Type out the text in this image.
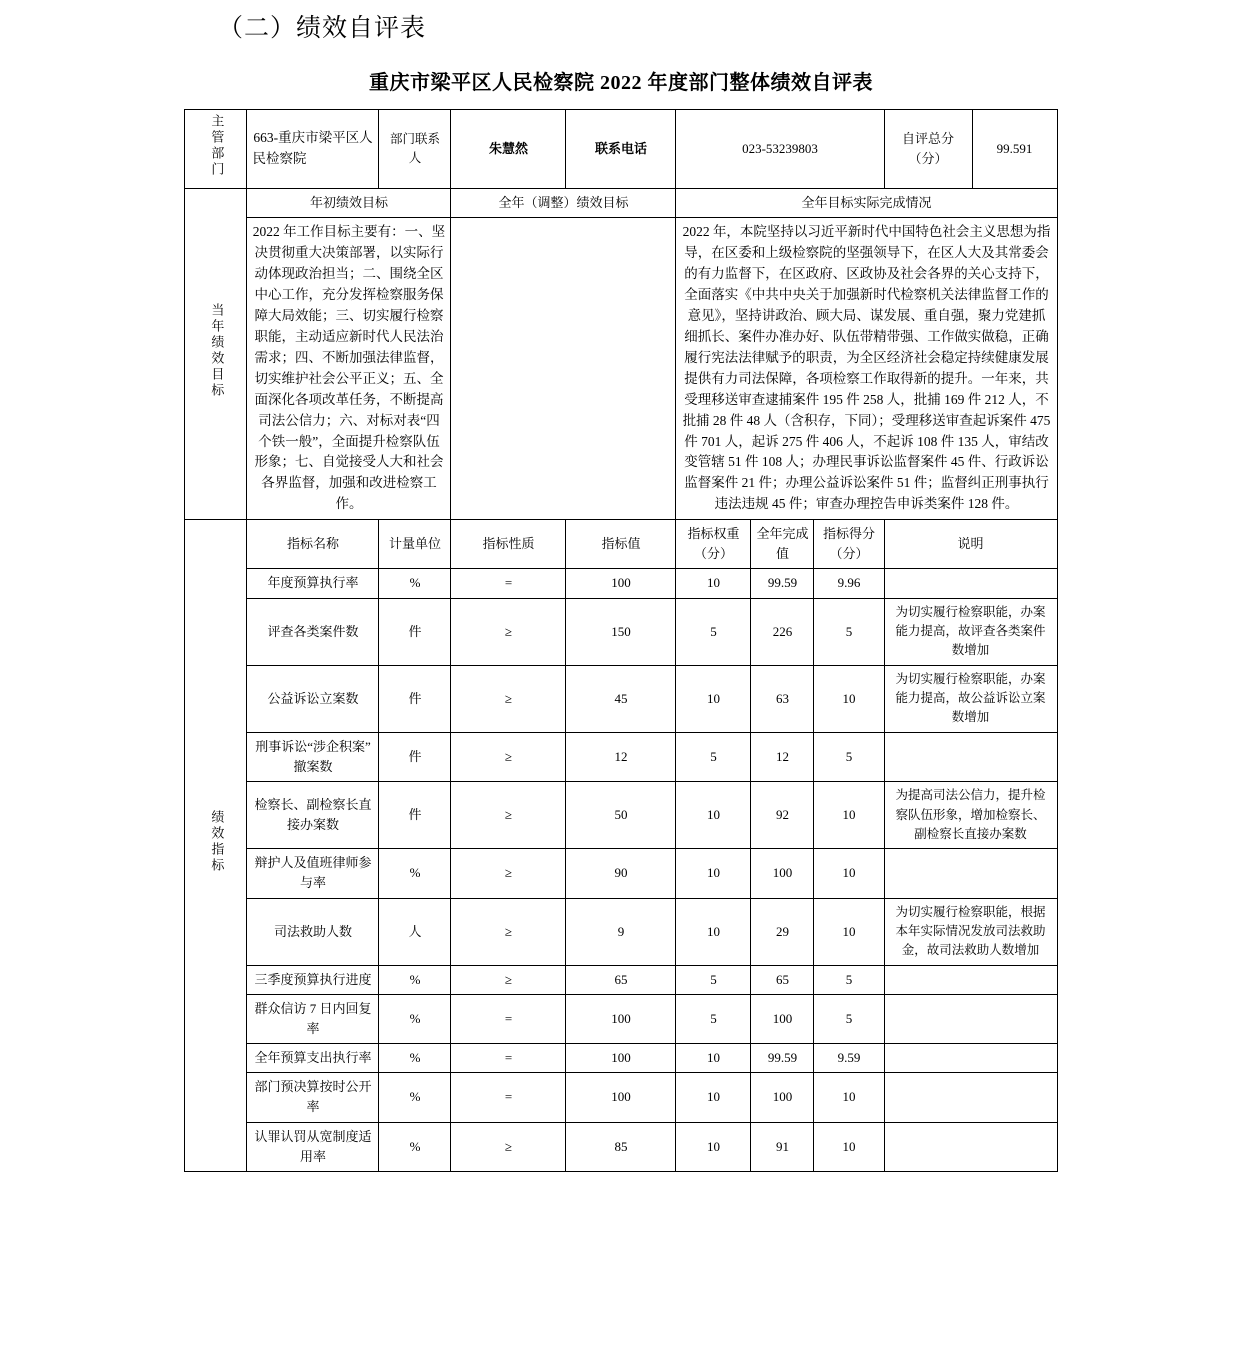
（二）绩效自评表
重庆市梁平区人民检察院 2022 年度部门整体绩效自评表
主管部门	663-重庆市梁平区人民检察院	部门联系人	朱慧然	联系电话	023-53239803			自评总分（分）	99.591
当年绩效目标	年初绩效目标		全年（调整）绩效目标		全年目标实际完成情况				
	2022 年工作目标主要有：一、坚决贯彻重大决策部署，以实际行动体现政治担当；二、围绕全区中心工作，充分发挥检察服务保障大局效能；三、切实履行检察职能，主动适应新时代人民法治需求；四、不断加强法律监督，切实维护社会公平正义；五、全面深化各项改革任务，不断提高司法公信力；六、对标对表“四个铁一般”，全面提升检察队伍形象；七、自觉接受人大和社会各界监督，加强和改进检察工作。				2022 年，本院坚持以习近平新时代中国特色社会主义思想为指导，在区委和上级检察院的坚强领导下，在区人大及其常委会的有力监督下，在区政府、区政协及社会各界的关心支持下，全面落实《中共中央关于加强新时代检察机关法律监督工作的意见》，坚持讲政治、顾大局、谋发展、重自强，聚力党建抓细抓长、案件办准办好、队伍带精带强、工作做实做稳，正确履行宪法法律赋予的职责，为全区经济社会稳定持续健康发展提供有力司法保障，各项检察工作取得新的提升。一年来，共受理移送审查逮捕案件 195 件 258 人，批捕 169 件 212 人，不批捕 28 件 48 人（含积存，下同）；受理移送审查起诉案件 475 件 701 人，起诉 275 件 406 人，不起诉 108 件 135 人，审结改变管辖 51 件 108 人；办理民事诉讼监督案件 45 件、行政诉讼监督案件 21 件；办理公益诉讼案件 51 件；监督纠正刑事执行违法违规 45 件；审查办理控告申诉类案件 128 件。				
绩效指标	指标名称	计量单位	指标性质	指标值	指标权重（分）	全年完成值	指标得分（分）	说明	
	年度预算执行率	%	=	100	10	99.59	9.96		
	评查各类案件数	件	≥	150	5	226	5	为切实履行检察职能，办案能力提高，故评查各类案件数增加	
	公益诉讼立案数	件	≥	45	10	63	10	为切实履行检察职能，办案能力提高，故公益诉讼立案数增加	
	刑事诉讼“涉企积案”撤案数	件	≥	12	5	12	5		
	检察长、副检察长直接办案数	件	≥	50	10	92	10	为提高司法公信力，提升检察队伍形象，增加检察长、副检察长直接办案数	
	辩护人及值班律师参与率	%	≥	90	10	100	10		
	司法救助人数	人	≥	9	10	29	10	为切实履行检察职能，根据本年实际情况发放司法救助金，故司法救助人数增加	
	三季度预算执行进度	%	≥	65	5	65	5		
	群众信访 7 日内回复率	%	=	100	5	100	5		
	全年预算支出执行率	%	=	100	10	99.59	9.59		
	部门预决算按时公开率	%	=	100	10	100	10		
	认罪认罚从宽制度适用率	%	≥	85	10	91	10		
